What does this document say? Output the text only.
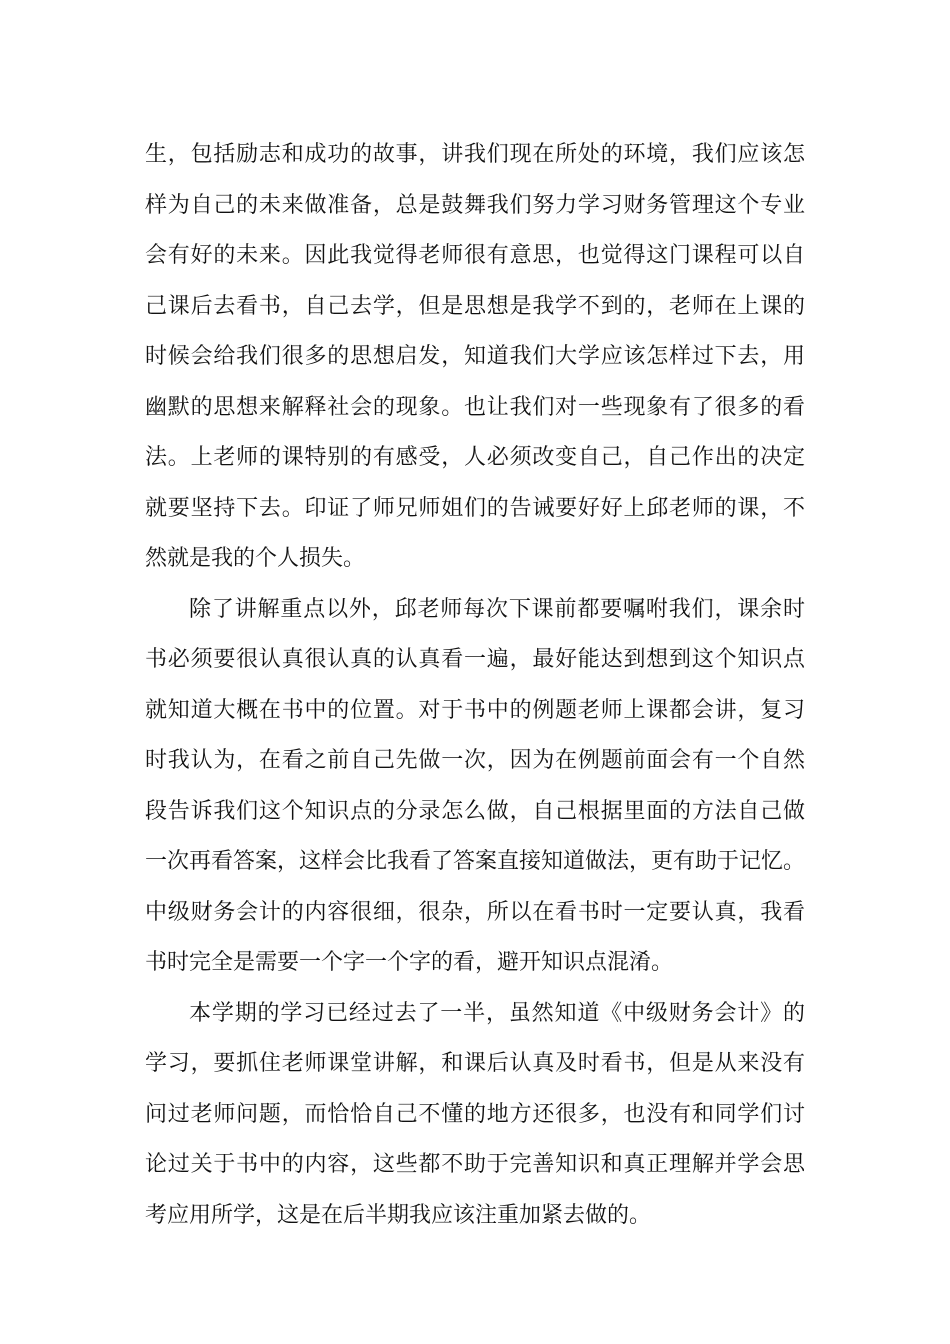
生，包括励志和成功的故事，讲我们现在所处的环境，我们应该怎
样为自己的未来做准备，总是鼓舞我们努力学习财务管理这个专业
会有好的未来。因此我觉得老师很有意思，也觉得这门课程可以自
己课后去看书，自己去学，但是思想是我学不到的，老师在上课的
时候会给我们很多的思想启发，知道我们大学应该怎样过下去，用
幽默的思想来解释社会的现象。也让我们对一些现象有了很多的看
法。上老师的课特别的有感受，人必须改变自己，自己作出的决定
就要坚持下去。印证了师兄师姐们的告诫要好好上邱老师的课，不
然就是我的个人损失。

除了讲解重点以外，邱老师每次下课前都要嘱咐我们，课余时
书必须要很认真很认真的认真看一遍，最好能达到想到这个知识点
就知道大概在书中的位置。对于书中的例题老师上课都会讲，复习
时我认为，在看之前自己先做一次，因为在例题前面会有一个自然
段告诉我们这个知识点的分录怎么做，自己根据里面的方法自己做
一次再看答案，这样会比我看了答案直接知道做法，更有助于记忆。
中级财务会计的内容很细，很杂，所以在看书时一定要认真，我看
书时完全是需要一个字一个字的看，避开知识点混淆。

本学期的学习已经过去了一半，虽然知道《中级财务会计》的
学习，要抓住老师课堂讲解，和课后认真及时看书，但是从来没有
问过老师问题，而恰恰自己不懂的地方还很多，也没有和同学们讨
论过关于书中的内容，这些都不助于完善知识和真正理解并学会思
考应用所学，这是在后半期我应该注重加紧去做的。
